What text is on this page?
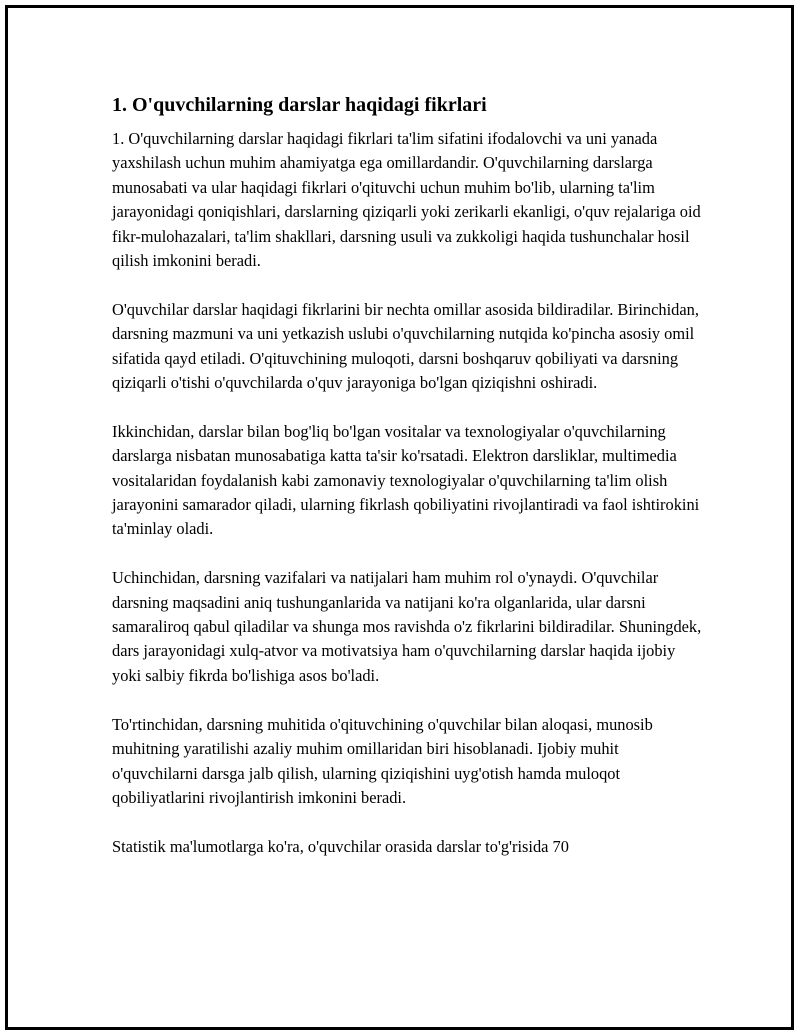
1. O'quvchilarning darslar haqidagi fikrlari

1. O'quvchilarning darslar haqidagi fikrlari ta'lim sifatini ifodalovchi va uni yanada yaxshilash uchun muhim ahamiyatga ega omillardandir. O'quvchilarning darslarga munosabati va ular haqidagi fikrlari o'qituvchi uchun muhim bo'lib, ularning ta'lim jarayonidagi qoniqishlari, darslarning qiziqarli yoki zerikarli ekanligi, o'quv rejalariga oid fikr-mulohazalari, ta'lim shakllari, darsning usuli va zukkoligi haqida tushunchalar hosil qilish imkonini beradi.

O'quvchilar darslar haqidagi fikrlarini bir nechta omillar asosida bildiradilar. Birinchidan, darsning mazmuni va uni yetkazish uslubi o'quvchilarning nutqida ko'pincha asosiy omil sifatida qayd etiladi. O'qituvchining muloqoti, darsni boshqaruv qobiliyati va darsning qiziqarli o'tishi o'quvchilarda o'quv jarayoniga bo'lgan qiziqishni oshiradi.

Ikkinchidan, darslar bilan bog'liq bo'lgan vositalar va texnologiyalar o'quvchilarning darslarga nisbatan munosabatiga katta ta'sir ko'rsatadi. Elektron darsliklar, multimedia vositalaridan foydalanish kabi zamonaviy texnologiyalar o'quvchilarning ta'lim olish jarayonini samarador qiladi, ularning fikrlash qobiliyatini rivojlantiradi va faol ishtirokini ta'minlay oladi.

Uchinchidan, darsning vazifalari va natijalari ham muhim rol o'ynaydi. O'quvchilar darsning maqsadini aniq tushunganlarida va natijani ko'ra olganlarida, ular darsni samaraliroq qabul qiladilar va shunga mos ravishda o'z fikrlarini bildiradilar. Shuningdek, dars jarayonidagi xulq-atvor va motivatsiya ham o'quvchilarning darslar haqida ijobiy yoki salbiy fikrda bo'lishiga asos bo'ladi.

To'rtinchidan, darsning muhitida o'qituvchining o'quvchilar bilan aloqasi, munosib muhitning yaratilishi azaliy muhim omillaridan biri hisoblanadi. Ijobiy muhit o'quvchilarni darsga jalb qilish, ularning qiziqishini uyg'otish hamda muloqot qobiliyatlarini rivojlantirish imkonini beradi.

Statistik ma'lumotlarga ko'ra, o'quvchilar orasida darslar to'g'risida 70
